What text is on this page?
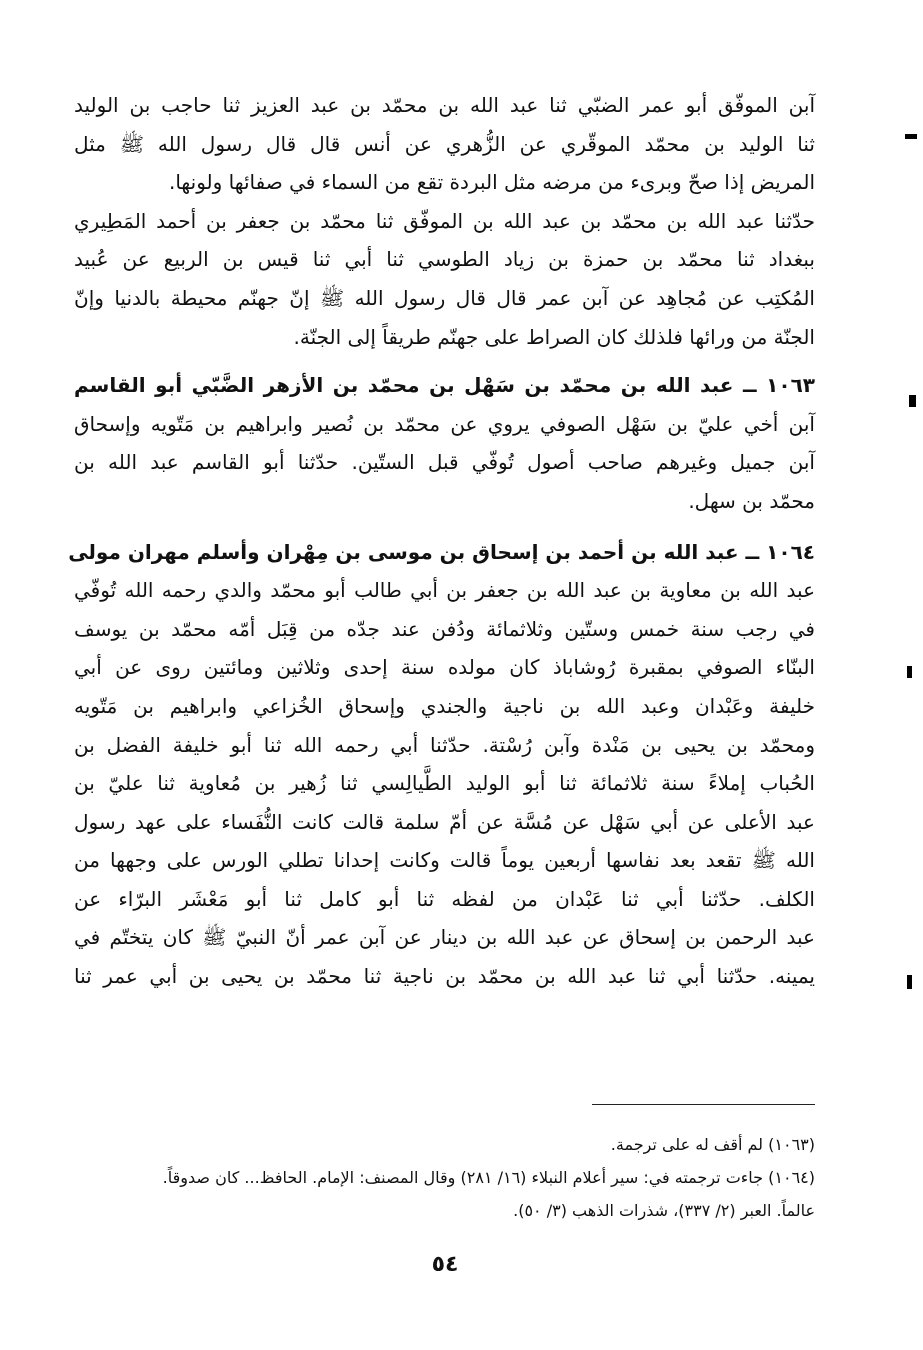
آبن الموفّق أبو عمر الضبّي ثنا عبد الله بن محمّد بن عبد العزيز ثنا حاجب بن الوليد
ثنا الوليد بن محمّد الموقّري عن الزُّهري عن أنس قال قال رسول الله ﷺ مثل
المريض إذا صحّ وبرىء من مرضه مثل البردة تقع من السماء في صفائها ولونها.
حدّثنا عبد الله بن محمّد بن عبد الله بن الموفّق ثنا محمّد بن جعفر بن أحمد المَطِيري
ببغداد ثنا محمّد بن حمزة بن زياد الطوسي ثنا أبي ثنا قيس بن الربيع عن عُبيد
المُكتِب عن مُجاهِد عن آبن عمر قال قال رسول الله ﷺ إنّ جهنّم محيطة بالدنيا وإنّ
الجنّة من ورائها فلذلك كان الصراط على جهنّم طريقاً إلى الجنّة.
١٠٦٣ ــ عبد الله بن محمّد بن سَهْل بن محمّد بن الأزهر الضَّبّي أبو القاسم
آبن أخي عليّ بن سَهْل الصوفي يروي عن محمّد بن نُصير وابراهيم بن مَتّويه وإسحاق
آبن جميل وغيرهم صاحب أصول تُوفّي قبل الستّين. حدّثنا أبو القاسم عبد الله بن
محمّد بن سهل.
١٠٦٤ ــ عبد الله بن أحمد بن إسحاق بن موسى بن مِهْران وأسلم مهران مولى
عبد الله بن معاوية بن عبد الله بن جعفر بن أبي طالب أبو محمّد والدي رحمه الله تُوفّي
في رجب سنة خمس وستّين وثلاثمائة ودُفن عند جدّه من قِبَل أمّه محمّد بن يوسف
البنّاء الصوفي بمقبرة رُوشاباذ كان مولده سنة إحدى وثلاثين ومائتين روى عن أبي
خليفة وعَبْدان وعبد الله بن ناجية والجندي وإسحاق الخُزاعي وابراهيم بن مَتّويه
ومحمّد بن يحيى بن مَنْدة وآبن رُسْتة. حدّثنا أبي رحمه الله ثنا أبو خليفة الفضل بن
الحُباب إملاءً سنة ثلاثمائة ثنا أبو الوليد الطَّيالِسي ثنا زُهير بن مُعاوية ثنا عليّ بن
عبد الأعلى عن أبي سَهْل عن مُسَّة عن أمّ سلمة قالت كانت النُّفَساء على عهد رسول
الله ﷺ تقعد بعد نفاسها أربعين يوماً قالت وكانت إحدانا تطلي الورس على وجهها من
الكلف. حدّثنا أبي ثنا عَبْدان من لفظه ثنا أبو كامل ثنا أبو مَعْشَر البرّاء عن
عبد الرحمن بن إسحاق عن عبد الله بن دينار عن آبن عمر أنّ النبيّ ﷺ كان يتختّم في
يمينه. حدّثنا أبي ثنا عبد الله بن محمّد بن ناجية ثنا محمّد بن يحيى بن أبي عمر ثنا
(١٠٦٣) لم أقف له على ترجمة.
(١٠٦٤) جاءت ترجمته في: سير أعلام النبلاء (١٦/ ٢٨١) وقال المصنف: الإمام. الحافظ... كان صدوقاً.
عالماً. العبر (٢/ ٣٣٧)، شذرات الذهب (٣/ ٥٠).
٥٤
